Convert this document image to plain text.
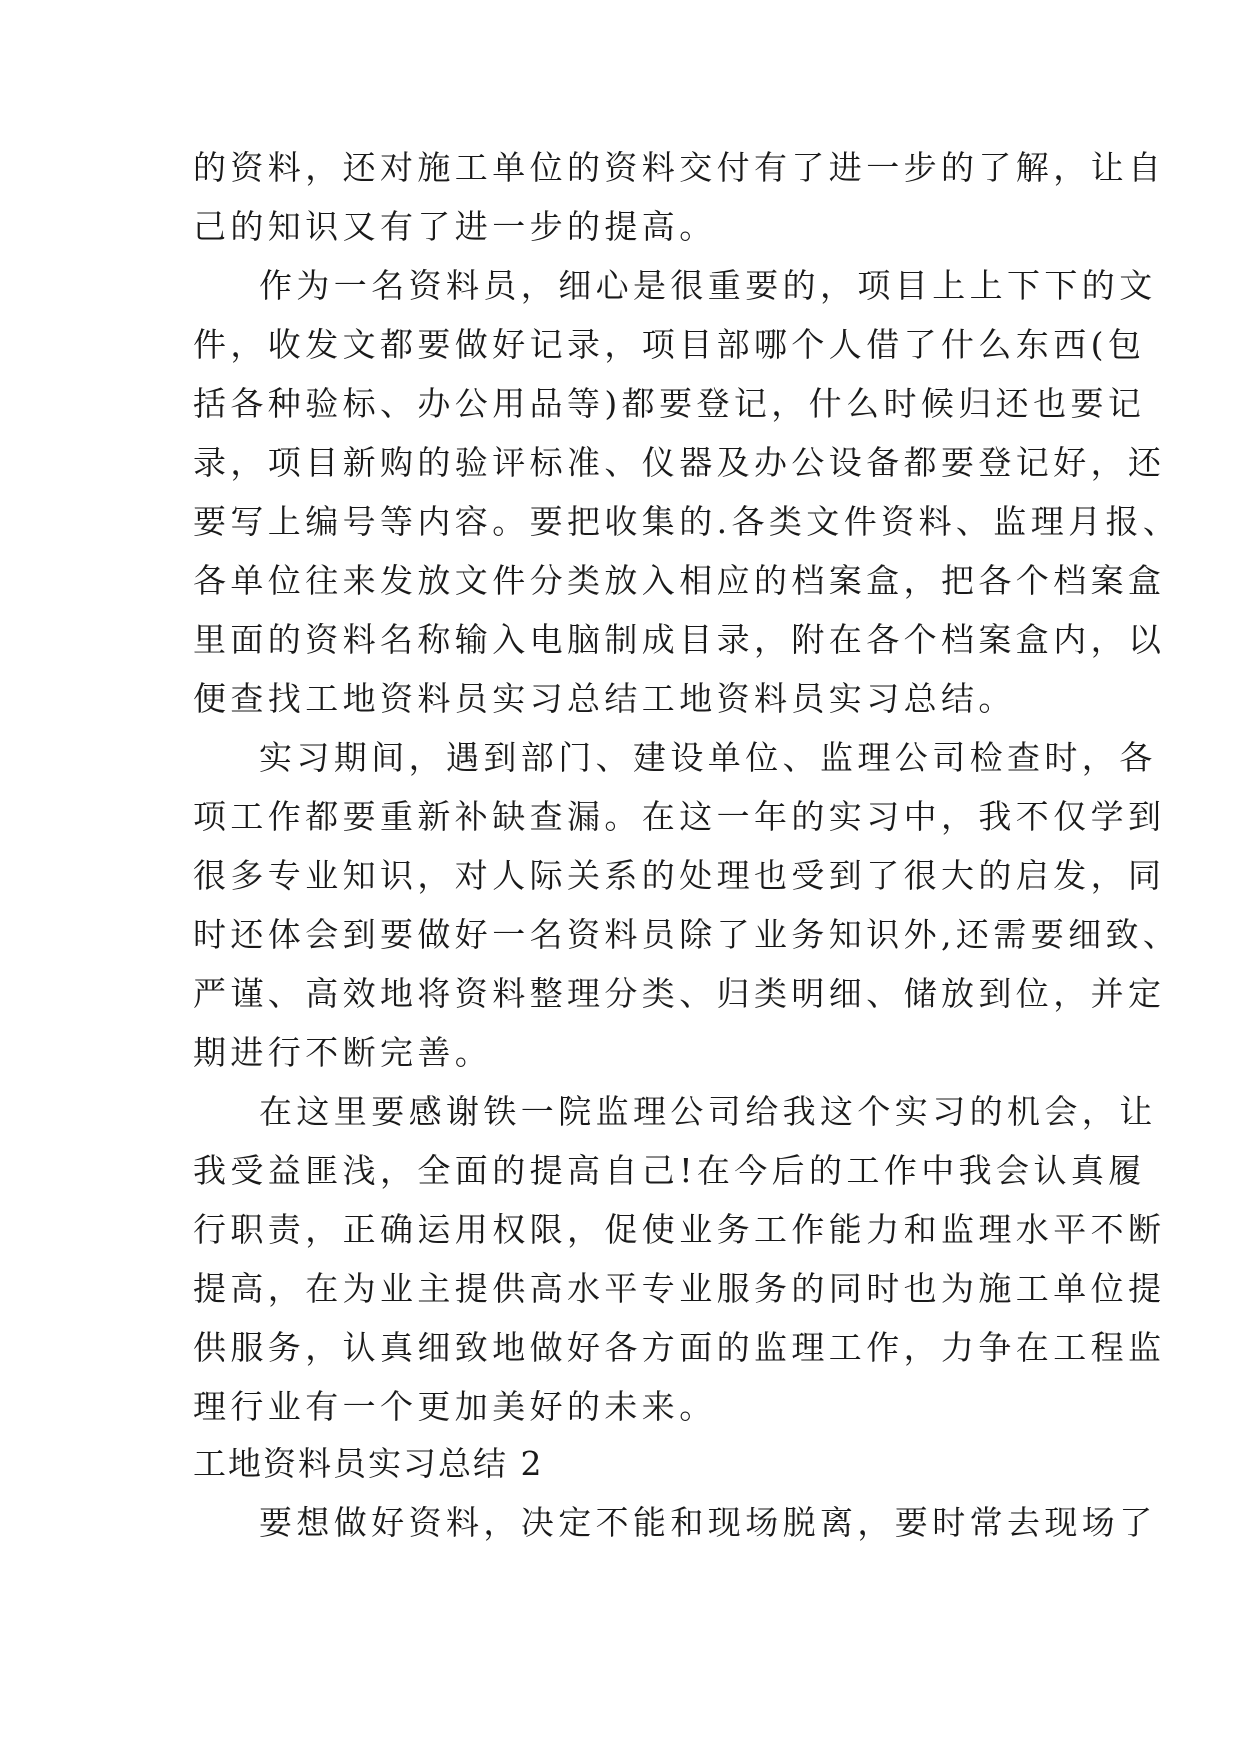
的资料，还对施工单位的资料交付有了进一步的了解，让自
己的知识又有了进一步的提高。
作为一名资料员，细心是很重要的，项目上上下下的文
件，收发文都要做好记录，项目部哪个人借了什么东西(包
括各种验标、办公用品等)都要登记，什么时候归还也要记
录，项目新购的验评标准、仪器及办公设备都要登记好，还
要写上编号等内容。要把收集的.各类文件资料、监理月报、
各单位往来发放文件分类放入相应的档案盒，把各个档案盒
里面的资料名称输入电脑制成目录，附在各个档案盒内，以
便查找工地资料员实习总结工地资料员实习总结。
实习期间，遇到部门、建设单位、监理公司检查时，各
项工作都要重新补缺查漏。在这一年的实习中，我不仅学到
很多专业知识，对人际关系的处理也受到了很大的启发，同
时还体会到要做好一名资料员除了业务知识外,还需要细致、
严谨、高效地将资料整理分类、归类明细、储放到位，并定
期进行不断完善。
在这里要感谢铁一院监理公司给我这个实习的机会，让
我受益匪浅，全面的提高自己!在今后的工作中我会认真履
行职责，正确运用权限，促使业务工作能力和监理水平不断
提高，在为业主提供高水平专业服务的同时也为施工单位提
供服务，认真细致地做好各方面的监理工作，力争在工程监
理行业有一个更加美好的未来。
工地资料员实习总结 2
要想做好资料，决定不能和现场脱离，要时常去现场了
